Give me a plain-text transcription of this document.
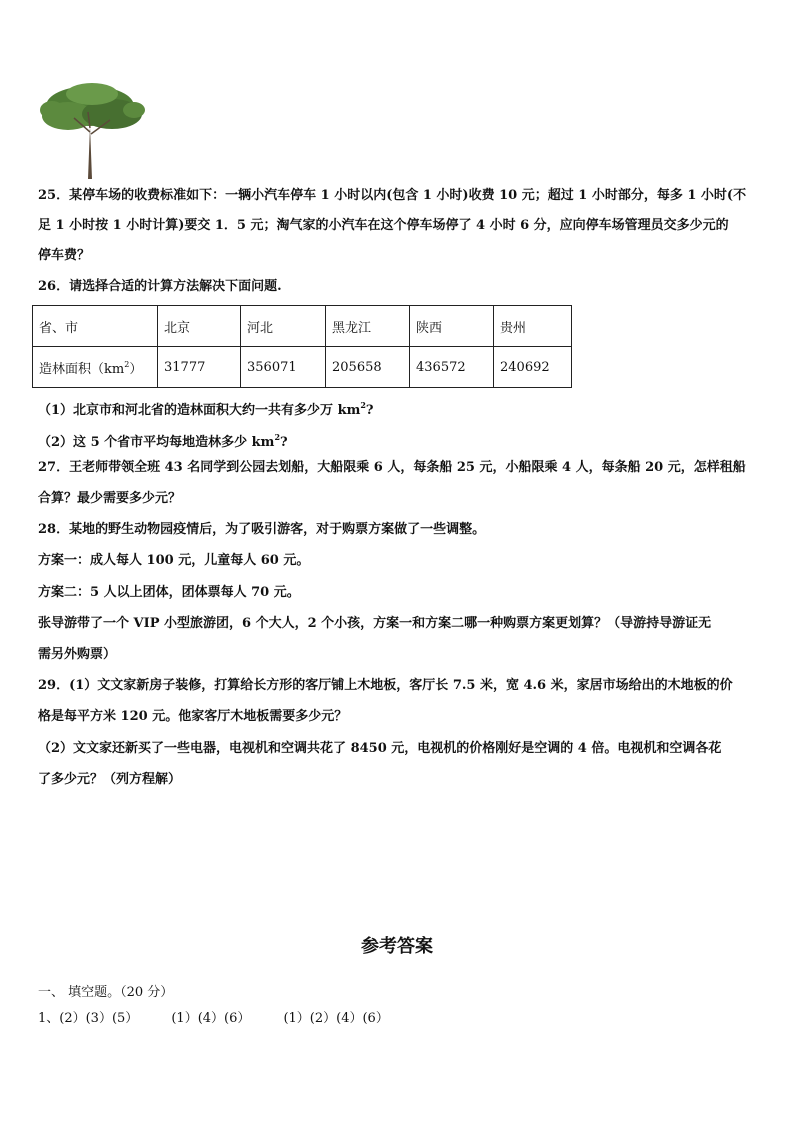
25．某停车场的收费标准如下：一辆小汽车停车 1 小时以内(包含 1 小时)收费 10 元；超过 1 小时部分，每多 1 小时(不
足 1 小时按 1 小时计算)要交 1．5 元；淘气家的小汽车在这个停车场停了 4 小时 6 分，应向停车场管理员交多少元的
停车费？
26．请选择合适的计算方法解决下面问题.
省、市	北京	河北	黑龙江	陕西	贵州
造林面积$(km^2)$	31777	356071	205658	436572	240692
（1）北京市和河北省的造林面积大约一共有多少万 $km^2$?
（2）这 5 个省市平均每地造林多少 $km^2$?
27．王老师带领全班 43 名同学到公园去划船，大船限乘 6 人，每条船 25 元，小船限乘 4 人，每条船 20 元，怎样租船
合算？最少需要多少元？
28．某地的野生动物园疫情后，为了吸引游客，对于购票方案做了一些调整。
方案一：成人每人 100 元，儿童每人 60 元。
方案二：5 人以上团体，团体票每人 70 元。
张导游带了一个 VIP 小型旅游团，6 个大人，2 个小孩，方案一和方案二哪一种购票方案更划算？（导游持导游证无
需另外购票）
29．(1）文文家新房子装修，打算给长方形的客厅铺上木地板，客厅长 7.5 米，宽 4.6 米，家居市场给出的木地板的价
格是每平方米 120 元。他家客厅木地板需要多少元？
（2）文文家还新买了一些电器，电视机和空调共花了 8450 元，电视机的价格刚好是空调的 4 倍。电视机和空调各花
了多少元？（列方程解）
参考答案
一、 填空题。（20 分）
1、(2）(3）(5）        (1）(4）(6）        (1）(2）(4）(6）
